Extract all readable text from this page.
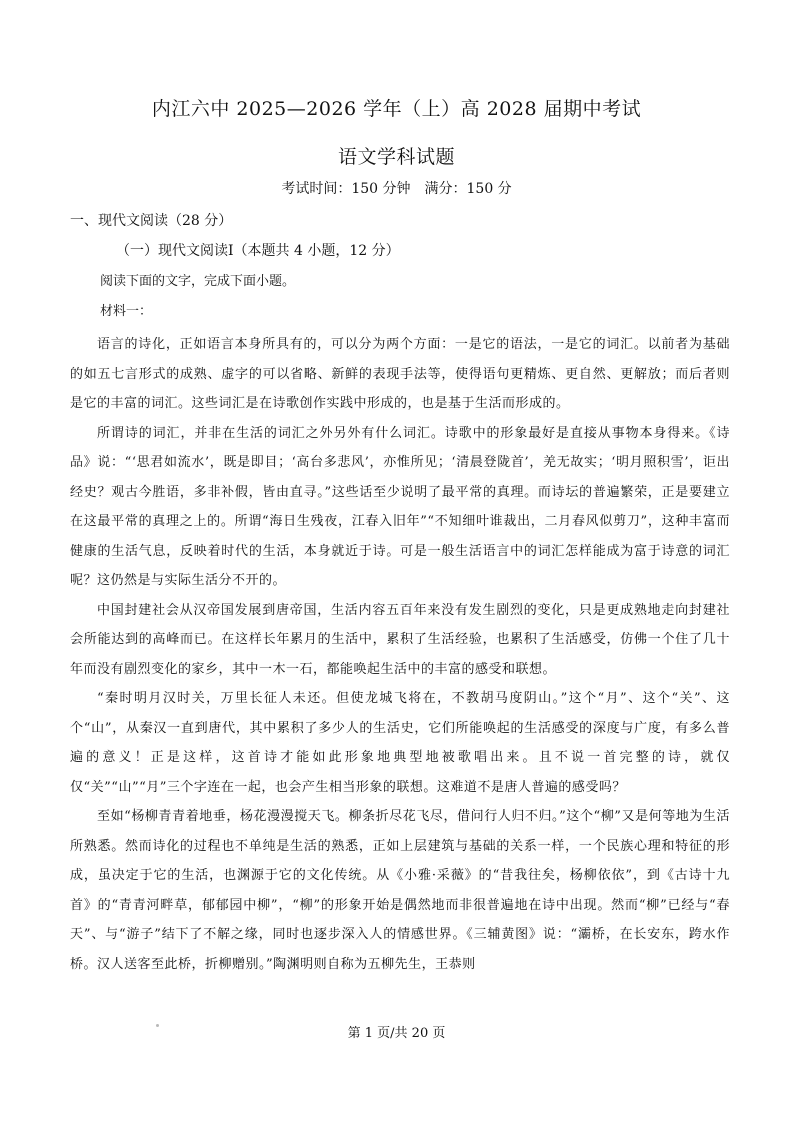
内江六中 2025—2026 学年（上）高 2028 届期中考试
语文学科试题
考试时间：150 分钟 满分：150 分
一、现代文阅读（28 分）
（一）现代文阅读Ⅰ（本题共 4 小题，12 分）
阅读下面的文字，完成下面小题。
材料一：

语言的诗化，正如语言本身所具有的，可以分为两个方面：一是它的语法，一是它的词汇。以前者为基础的如五七言形式的成熟、虚字的可以省略、新鲜的表现手法等，使得语句更精炼、更自然、更解放；而后者则是它的丰富的词汇。这些词汇是在诗歌创作实践中形成的，也是基于生活而形成的。

所谓诗的词汇，并非在生活的词汇之外另外有什么词汇。诗歌中的形象最好是直接从事物本身得来。《诗品》说：“‘思君如流水’，既是即目；‘高台多悲风’，亦惟所见；‘清晨登陇首’，羌无故实；‘明月照积雪’，讵出经史？观古今胜语，多非补假，皆由直寻。”这些话至少说明了最平常的真理。而诗坛的普遍繁荣，正是要建立在这最平常的真理之上的。所谓“海日生残夜，江春入旧年”“不知细叶谁裁出，二月春风似剪刀”，这种丰富而健康的生活气息，反映着时代的生活，本身就近于诗。可是一般生活语言中的词汇怎样能成为富于诗意的词汇呢？这仍然是与实际生活分不开的。

中国封建社会从汉帝国发展到唐帝国，生活内容五百年来没有发生剧烈的变化，只是更成熟地走向封建社会所能达到的高峰而已。在这样长年累月的生活中，累积了生活经验，也累积了生活感受，仿佛一个住了几十年而没有剧烈变化的家乡，其中一木一石，都能唤起生活中的丰富的感受和联想。

“秦时明月汉时关，万里长征人未还。但使龙城飞将在，不教胡马度阴山。”这个“月”、这个“关”、这个“山”，从秦汉一直到唐代，其中累积了多少人的生活史，它们所能唤起的生活感受的深度与广度，有多么普遍的意义！正是这样，这首诗才能如此形象地典型地被歌唱出来。且不说一首完整的诗，就仅仅“关”“山”“月”三个字连在一起，也会产生相当形象的联想。这难道不是唐人普遍的感受吗？

至如“杨柳青青着地垂，杨花漫漫搅天飞。柳条折尽花飞尽，借问行人归不归。”这个“柳”又是何等地为生活所熟悉。然而诗化的过程也不单纯是生活的熟悉，正如上层建筑与基础的关系一样，一个民族心理和特征的形成，虽决定于它的生活，也渊源于它的文化传统。从《小雅·采薇》的“昔我往矣，杨柳依依”，到《古诗十九首》的“青青河畔草，郁郁园中柳”，“柳”的形象开始是偶然地而非很普遍地在诗中出现。然而“柳”已经与“春天”、与“游子”结下了不解之缘，同时也逐步深入人的情感世界。《三辅黄图》说：“灞桥，在长安东，跨水作桥。汉人送客至此桥，折柳赠别。”陶渊明则自称为五柳先生，王恭则

第 1 页/共 20 页
